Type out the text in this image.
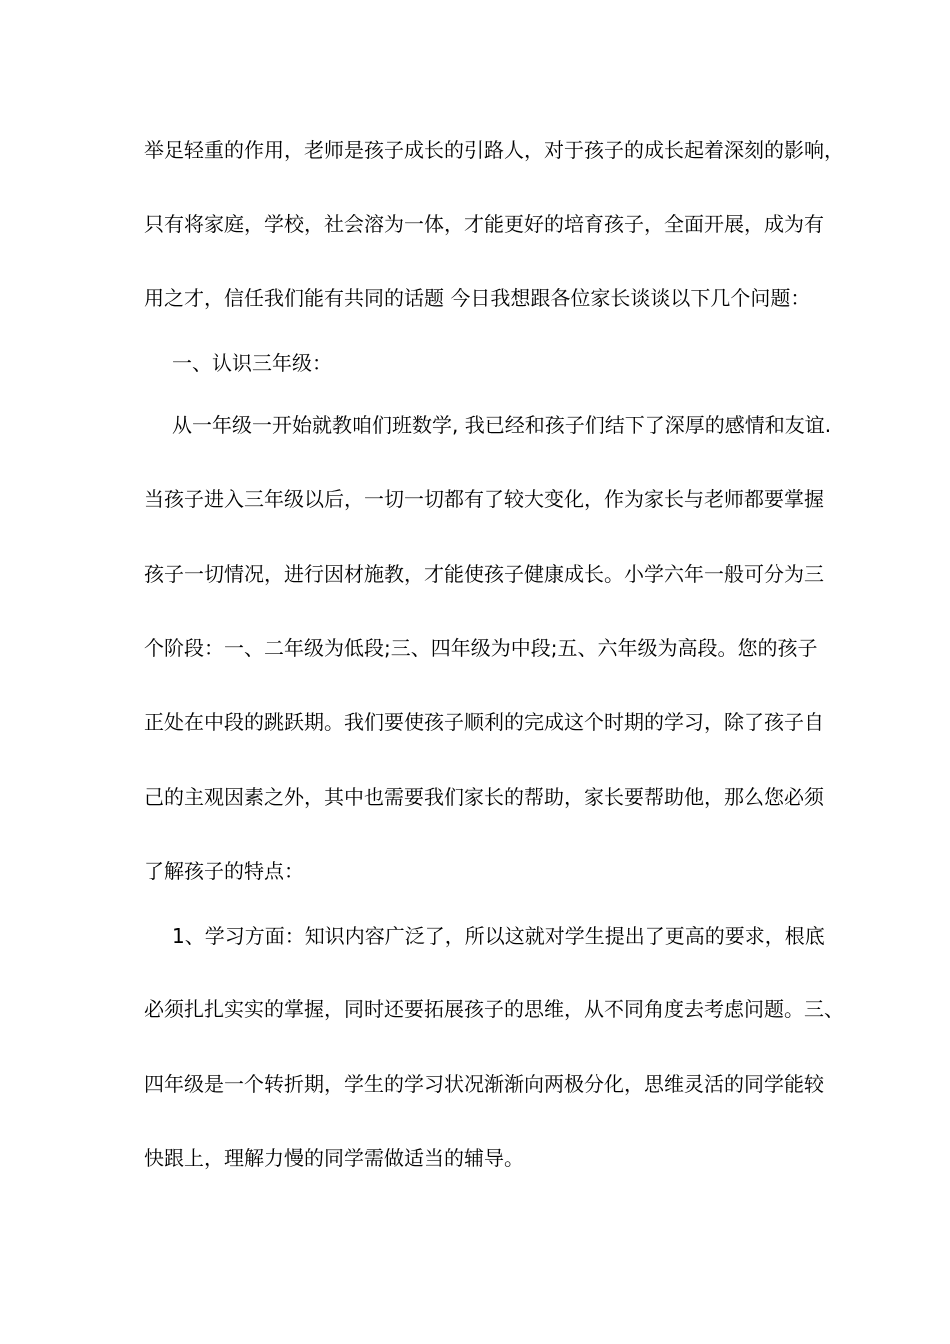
举足轻重的作用，老师是孩子成长的引路人，对于孩子的成长起着深刻的影响，
只有将家庭，学校，社会溶为一体，才能更好的培育孩子，全面开展，成为有
用之才，信任我们能有共同的话题 今日我想跟各位家长谈谈以下几个问题：
一、认识三年级：
从一年级一开始就教咱们班数学, 我已经和孩子们结下了深厚的感情和友谊.
当孩子进入三年级以后，一切一切都有了较大变化，作为家长与老师都要掌握
孩子一切情况，进行因材施教，才能使孩子健康成长。小学六年一般可分为三
个阶段：一、二年级为低段;三、四年级为中段;五、六年级为高段。您的孩子
正处在中段的跳跃期。我们要使孩子顺利的完成这个时期的学习，除了孩子自
己的主观因素之外，其中也需要我们家长的帮助，家长要帮助他，那么您必须
了解孩子的特点：
1、学习方面：知识内容广泛了，所以这就对学生提出了更高的要求，根底
必须扎扎实实的掌握，同时还要拓展孩子的思维，从不同角度去考虑问题。三、
四年级是一个转折期，学生的学习状况渐渐向两极分化，思维灵活的同学能较
快跟上，理解力慢的同学需做适当的辅导。
